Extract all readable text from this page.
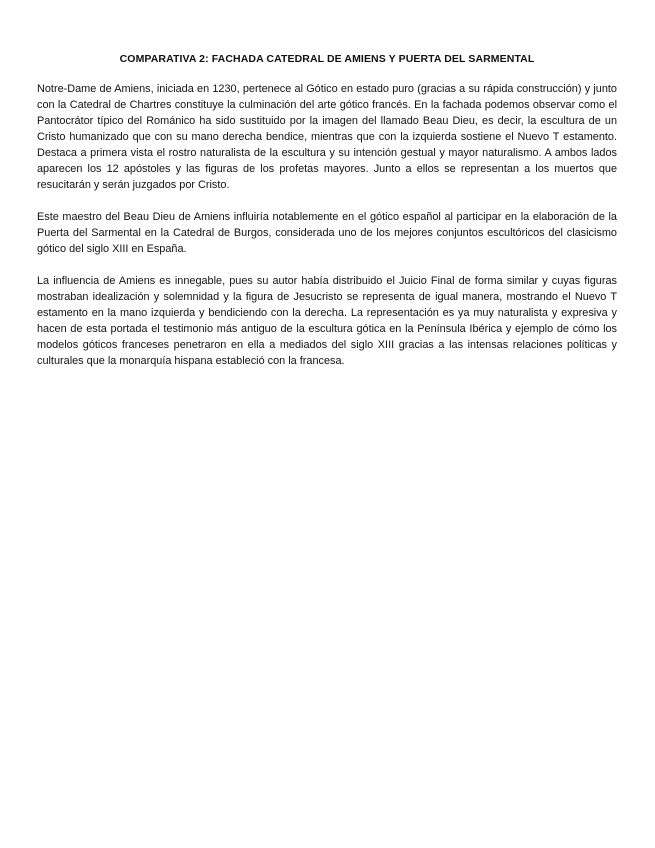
COMPARATIVA 2: FACHADA CATEDRAL DE AMIENS Y PUERTA DEL SARMENTAL

Notre-Dame de Amiens, iniciada en 1230, pertenece al Gótico en estado puro (gracias a su rápida construcción) y junto con la Catedral de Chartres constituye la culminación del arte gótico francés. En la fachada podemos observar como el Pantocrátor típico del Románico ha sido sustituido por la imagen del llamado Beau Dieu, es decir, la escultura de un Cristo humanizado que con su mano derecha bendice, mientras que con la izquierda sostiene el Nuevo T estamento. Destaca a primera vista el rostro naturalista de la escultura y su intención gestual y mayor naturalismo. A ambos lados aparecen los 12 apóstoles y las figuras de los profetas mayores. Junto a ellos se representan a los muertos que resucitarán y serán juzgados por Cristo.

Este maestro del Beau Dieu de Amiens influiría notablemente en el gótico español al participar en la elaboración de la Puerta del Sarmental en la Catedral de Burgos, considerada uno de los mejores conjuntos escultóricos del clasicismo gótico del siglo XIII en España.

La influencia de Amiens es innegable, pues su autor había distribuido el Juicio Final de forma similar y cuyas figuras mostraban idealización y solemnidad y la figura de Jesucristo se representa de igual manera, mostrando el Nuevo T estamento en la mano izquierda y bendiciendo con la derecha. La representación es ya muy naturalista y expresiva y hacen de esta portada el testimonio más antiguo de la escultura gótica en la Península Ibérica y ejemplo de cómo los modelos góticos franceses penetraron en ella a mediados del siglo XIII gracias a las intensas relaciones políticas y culturales que la monarquía hispana estableció con la francesa.
